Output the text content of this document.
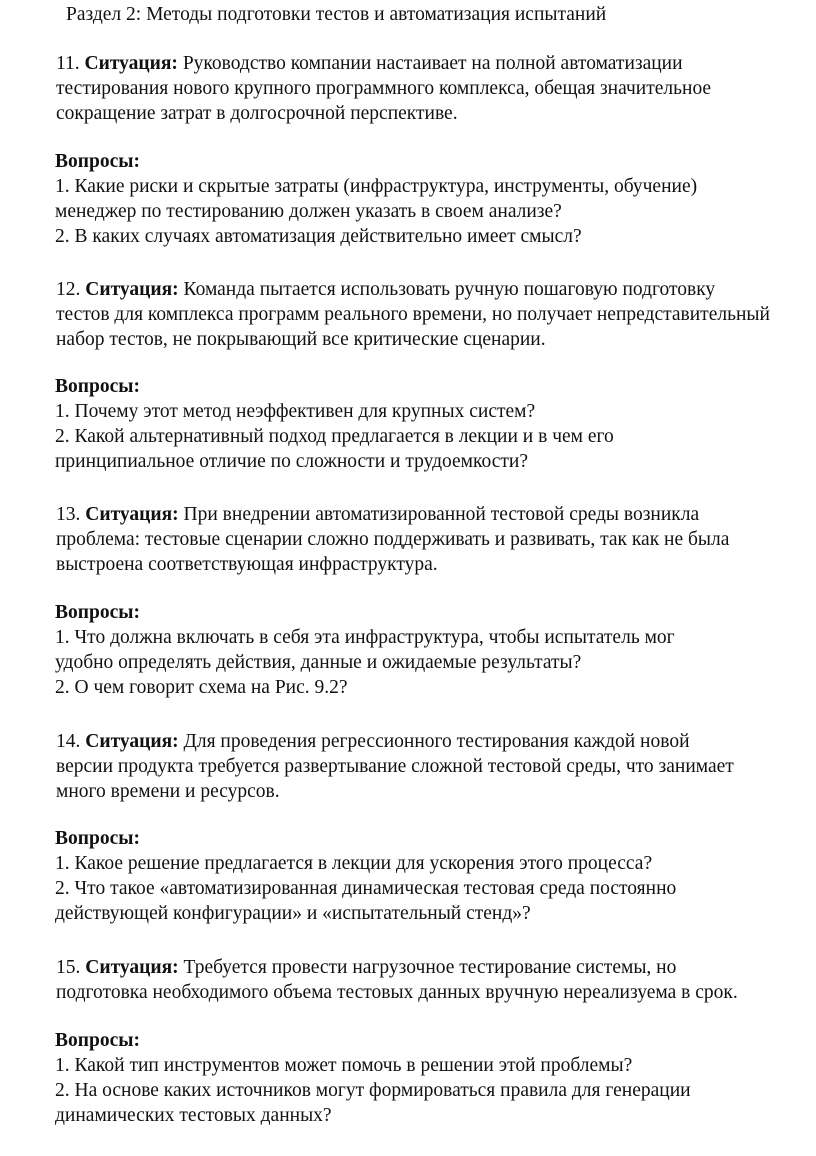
Раздел 2: Методы подготовки тестов и автоматизация испытаний
11. Ситуация: Руководство компании настаивает на полной автоматизации
тестирования нового крупного программного комплекса, обещая значительное
сокращение затрат в долгосрочной перспективе.
Вопросы:
1. Какие риски и скрытые затраты (инфраструктура, инструменты, обучение)
менеджер по тестированию должен указать в своем анализе?
2. В каких случаях автоматизация действительно имеет смысл?
12. Ситуация: Команда пытается использовать ручную пошаговую подготовку
тестов для комплекса программ реального времени, но получает непредставительный
набор тестов, не покрывающий все критические сценарии.
Вопросы:
1. Почему этот метод неэффективен для крупных систем?
2. Какой альтернативный подход предлагается в лекции и в чем его
принципиальное отличие по сложности и трудоемкости?
13. Ситуация: При внедрении автоматизированной тестовой среды возникла
проблема: тестовые сценарии сложно поддерживать и развивать, так как не была
выстроена соответствующая инфраструктура.
Вопросы:
1. Что должна включать в себя эта инфраструктура, чтобы испытатель мог
удобно определять действия, данные и ожидаемые результаты?
2. О чем говорит схема на Рис. 9.2?
14. Ситуация: Для проведения регрессионного тестирования каждой новой
версии продукта требуется развертывание сложной тестовой среды, что занимает
много времени и ресурсов.
Вопросы:
1. Какое решение предлагается в лекции для ускорения этого процесса?
2. Что такое «автоматизированная динамическая тестовая среда постоянно
действующей конфигурации» и «испытательный стенд»?
15. Ситуация: Требуется провести нагрузочное тестирование системы, но
подготовка необходимого объема тестовых данных вручную нереализуема в срок.
Вопросы:
1. Какой тип инструментов может помочь в решении этой проблемы?
2. На основе каких источников могут формироваться правила для генерации
динамических тестовых данных?
